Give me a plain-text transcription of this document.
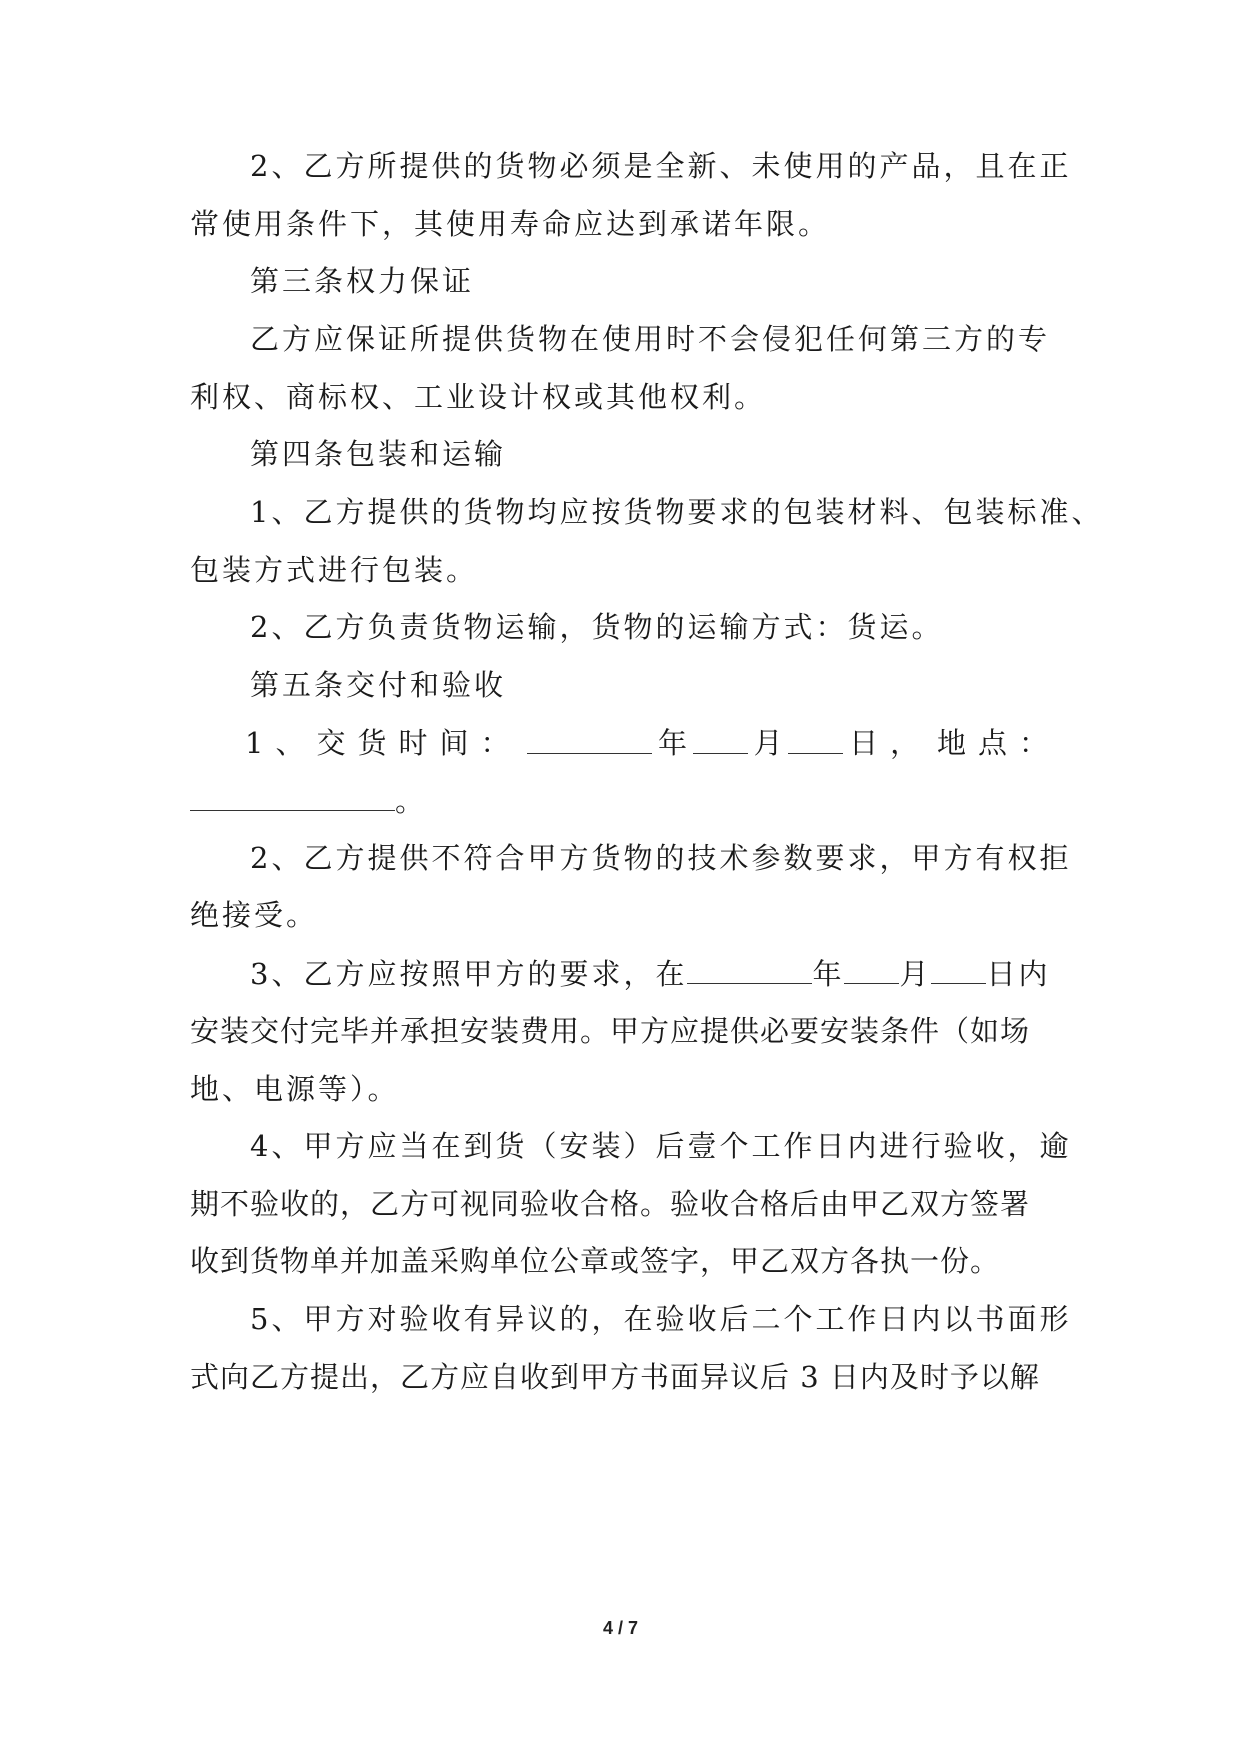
2、乙方所提供的货物必须是全新、未使用的产品，且在正
常使用条件下，其使用寿命应达到承诺年限。
第三条权力保证
乙方应保证所提供货物在使用时不会侵犯任何第三方的专
利权、商标权、工业设计权或其他权利。
第四条包装和运输
1、乙方提供的货物均应按货物要求的包装材料、包装标准、
包装方式进行包装。
2、乙方负责货物运输，货物的运输方式：货运。
第五条交付和验收
1、交货时间：	年 月 日， 地点：
。
2、乙方提供不符合甲方货物的技术参数要求，甲方有权拒
绝接受。
3、乙方应按照甲方的要求，在	年 月 日内
安装交付完毕并承担安装费用。甲方应提供必要安装条件（如场
地、电源等）。
4、甲方应当在到货（安装）后壹个工作日内进行验收，逾
期不验收的，乙方可视同验收合格。验收合格后由甲乙双方签署
收到货物单并加盖采购单位公章或签字，甲乙双方各执一份。
5、甲方对验收有异议的，在验收后二个工作日内以书面形
式向乙方提出，乙方应自收到甲方书面异议后 3 日内及时予以解
4 / 7
